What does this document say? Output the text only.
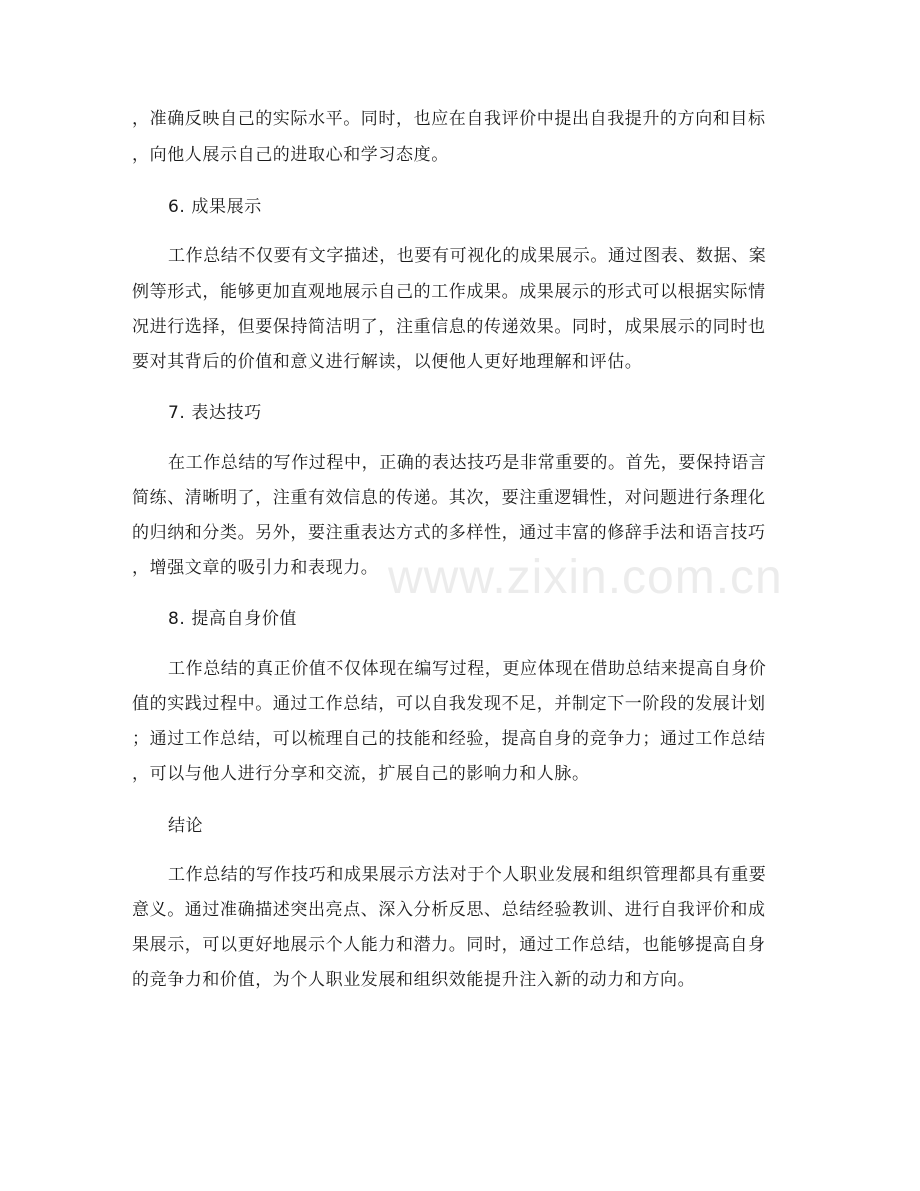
www.zixin.com.cn
，准确反映自己的实际水平。同时，也应在自我评价中提出自我提升的方向和目标
，向他人展示自己的进取心和学习态度。
6. 成果展示
工作总结不仅要有文字描述，也要有可视化的成果展示。通过图表、数据、案
例等形式，能够更加直观地展示自己的工作成果。成果展示的形式可以根据实际情
况进行选择，但要保持简洁明了，注重信息的传递效果。同时，成果展示的同时也
要对其背后的价值和意义进行解读，以便他人更好地理解和评估。
7. 表达技巧
在工作总结的写作过程中，正确的表达技巧是非常重要的。首先，要保持语言
简练、清晰明了，注重有效信息的传递。其次，要注重逻辑性，对问题进行条理化
的归纳和分类。另外，要注重表达方式的多样性，通过丰富的修辞手法和语言技巧
，增强文章的吸引力和表现力。
8. 提高自身价值
工作总结的真正价值不仅体现在编写过程，更应体现在借助总结来提高自身价
值的实践过程中。通过工作总结，可以自我发现不足，并制定下一阶段的发展计划
；通过工作总结，可以梳理自己的技能和经验，提高自身的竞争力；通过工作总结
，可以与他人进行分享和交流，扩展自己的影响力和人脉。
结论
工作总结的写作技巧和成果展示方法对于个人职业发展和组织管理都具有重要
意义。通过准确描述突出亮点、深入分析反思、总结经验教训、进行自我评价和成
果展示，可以更好地展示个人能力和潜力。同时，通过工作总结，也能够提高自身
的竞争力和价值，为个人职业发展和组织效能提升注入新的动力和方向。
